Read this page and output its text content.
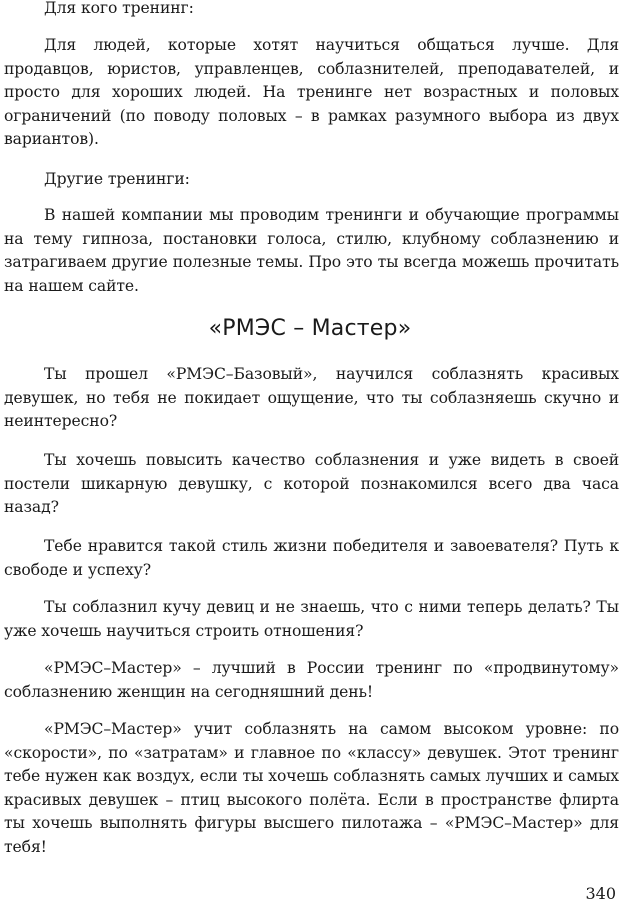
Для кого тренинг:

Для людей, которые хотят научиться общаться лучше. Для продавцов, юристов, управленцев, соблазнителей, преподавателей, и просто для хороших людей. На тренинге нет возрастных и половых ограничений (по поводу половых – в рамках разумного выбора из двух вариантов).

Другие тренинги:

В нашей компании мы проводим тренинги и обучающие программы на тему гипноза, постановки голоса, стилю, клубному соблазнению и затрагиваем другие полезные темы. Про это ты всегда можешь прочитать на нашем сайте.

«РМЭС – Мастер»

Ты прошел «РМЭС–Базовый», научился соблазнять красивых девушек, но тебя не покидает ощущение, что ты соблазняешь скучно и неинтересно?

Ты хочешь повысить качество соблазнения и уже видеть в своей постели шикарную девушку, с которой познакомился всего два часа назад?

Тебе нравится такой стиль жизни победителя и завоевателя? Путь к свободе и успеху?

Ты соблазнил кучу девиц и не знаешь, что с ними теперь делать? Ты уже хочешь научиться строить отношения?

«РМЭС–Мастер» – лучший в России тренинг по «продвинутому» соблазнению женщин на сегодняшний день!

«РМЭС–Мастер» учит соблазнять на самом высоком уровне: по «скорости», по «затратам» и главное по «классу» девушек. Этот тренинг тебе нужен как воздух, если ты хочешь соблазнять самых лучших и самых красивых девушек – птиц высокого полёта. Если в пространстве флирта ты хочешь выполнять фигуры высшего пилотажа – «РМЭС–Мастер» для тебя!

340
